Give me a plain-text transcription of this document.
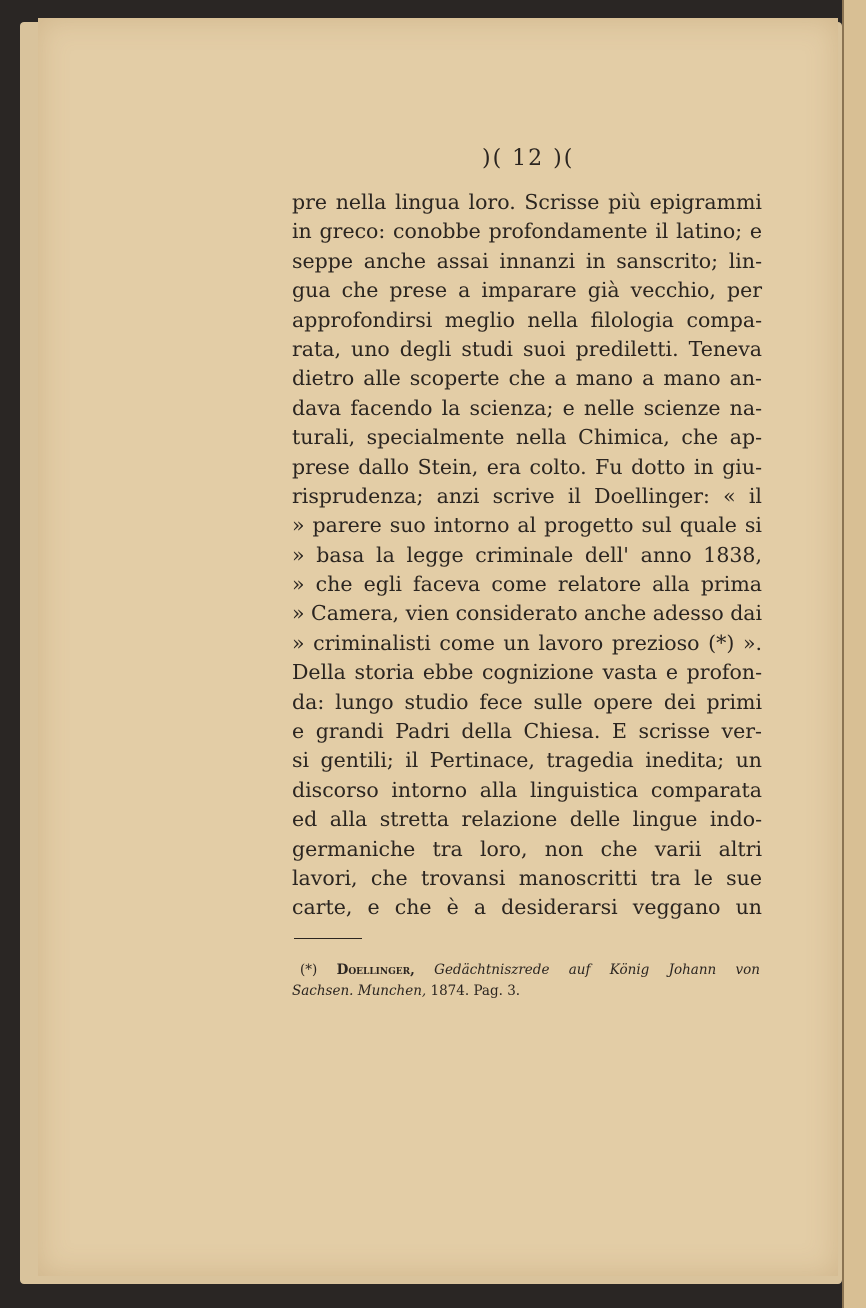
)( 12 )(
pre nella lingua loro. Scrisse più epigrammi
in greco: conobbe profondamente il latino; e
seppe anche assai innanzi in sanscrito; lin-
gua che prese a imparare già vecchio, per
approfondirsi meglio nella filologia compa-
rata, uno degli studi suoi prediletti. Teneva
dietro alle scoperte che a mano a mano an-
dava facendo la scienza; e nelle scienze na-
turali, specialmente nella Chimica, che ap-
prese dallo Stein, era colto. Fu dotto in giu-
risprudenza; anzi scrive il Doellinger: « il
» parere suo intorno al progetto sul quale si
» basa la legge criminale dell' anno 1838,
» che egli faceva come relatore alla prima
» Camera, vien considerato anche adesso dai
» criminalisti come un lavoro prezioso (*) ».
Della storia ebbe cognizione vasta e profon-
da: lungo studio fece sulle opere dei primi
e grandi Padri della Chiesa. E scrisse ver-
si gentili; il Pertinace, tragedia inedita; un
discorso intorno alla linguistica comparata
ed alla stretta relazione delle lingue indo-
germaniche tra loro, non che varii altri
lavori, che trovansi manoscritti tra le sue
carte, e che è a desiderarsi veggano un
(*) Doellinger, Gedächtniszrede auf König Johann von
Sachsen. Munchen, 1874. Pag. 3.
